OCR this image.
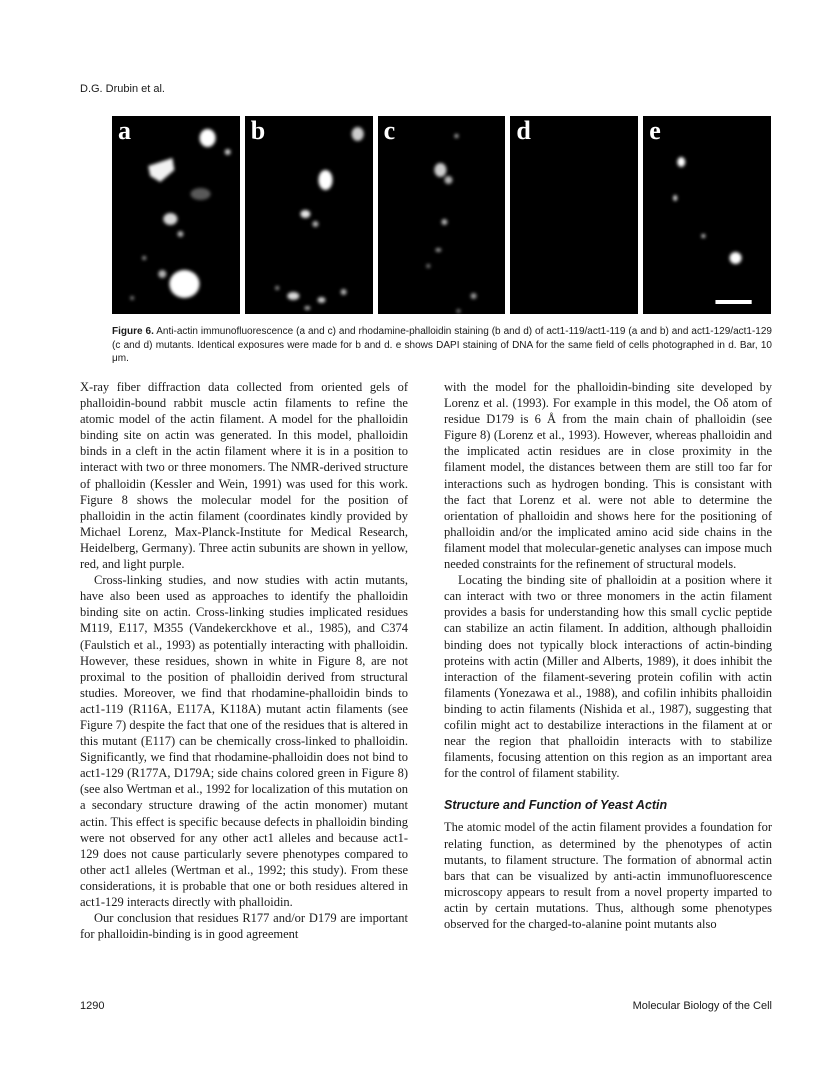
D.G. Drubin et al.
a	b	c	d	e
Figure 6. Anti-actin immunofluorescence (a and c) and rhodamine-phalloidin staining (b and d) of act1-119/act1-119 (a and b) and act1-129/act1-129 (c and d) mutants. Identical exposures were made for b and d. e shows DAPI staining of DNA for the same field of cells photographed in d. Bar, 10 μm.

X-ray fiber diffraction data collected from oriented gels of phalloidin-bound rabbit muscle actin filaments to refine the atomic model of the actin filament. A model for the phalloidin binding site on actin was generated. In this model, phalloidin binds in a cleft in the actin filament where it is in a position to interact with two or three monomers. The NMR-derived structure of phalloidin (Kessler and Wein, 1991) was used for this work. Figure 8 shows the molecular model for the position of phalloidin in the actin filament (coordinates kindly provided by Michael Lorenz, Max-Planck-Institute for Medical Research, Heidelberg, Germany). Three actin subunits are shown in yellow, red, and light purple.

Cross-linking studies, and now studies with actin mutants, have also been used as approaches to identify the phalloidin binding site on actin. Cross-linking studies implicated residues M119, E117, M355 (Vandekerckhove et al., 1985), and C374 (Faulstich et al., 1993) as potentially interacting with phalloidin. However, these residues, shown in white in Figure 8, are not proximal to the position of phalloidin derived from structural studies. Moreover, we find that rhodamine-phalloidin binds to act1-119 (R116A, E117A, K118A) mutant actin filaments (see Figure 7) despite the fact that one of the residues that is altered in this mutant (E117) can be chemically cross-linked to phalloidin. Significantly, we find that rhodamine-phalloidin does not bind to act1-129 (R177A, D179A; side chains colored green in Figure 8) (see also Wertman et al., 1992 for localization of this mutation on a secondary structure drawing of the actin monomer) mutant actin. This effect is specific because defects in phalloidin binding were not observed for any other act1 alleles and because act1-129 does not cause particularly severe phenotypes compared to other act1 alleles (Wertman et al., 1992; this study). From these considerations, it is probable that one or both residues altered in act1-129 interacts directly with phalloidin.

Our conclusion that residues R177 and/or D179 are important for phalloidin-binding is in good agreement

with the model for the phalloidin-binding site developed by Lorenz et al. (1993). For example in this model, the Oδ atom of residue D179 is 6 Å from the main chain of phalloidin (see Figure 8) (Lorenz et al., 1993). However, whereas phalloidin and the implicated actin residues are in close proximity in the filament model, the distances between them are still too far for interactions such as hydrogen bonding. This is consistant with the fact that Lorenz et al. were not able to determine the orientation of phalloidin and shows here for the positioning of phalloidin and/or the implicated amino acid side chains in the filament model that molecular-genetic analyses can impose much needed constraints for the refinement of structural models.

Locating the binding site of phalloidin at a position where it can interact with two or three monomers in the actin filament provides a basis for understanding how this small cyclic peptide can stabilize an actin filament. In addition, although phalloidin binding does not typically block interactions of actin-binding proteins with actin (Miller and Alberts, 1989), it does inhibit the interaction of the filament-severing protein cofilin with actin filaments (Yonezawa et al., 1988), and cofilin inhibits phalloidin binding to actin filaments (Nishida et al., 1987), suggesting that cofilin might act to destabilize interactions in the filament at or near the region that phalloidin interacts with to stabilize filaments, focusing attention on this region as an important area for the control of filament stability.

Structure and Function of Yeast Actin

The atomic model of the actin filament provides a foundation for relating function, as determined by the phenotypes of actin mutants, to filament structure. The formation of abnormal actin bars that can be visualized by anti-actin immunofluorescence microscopy appears to result from a novel property imparted to actin by certain mutations. Thus, although some phenotypes observed for the charged-to-alanine point mutants also

1290	Molecular Biology of the Cell
